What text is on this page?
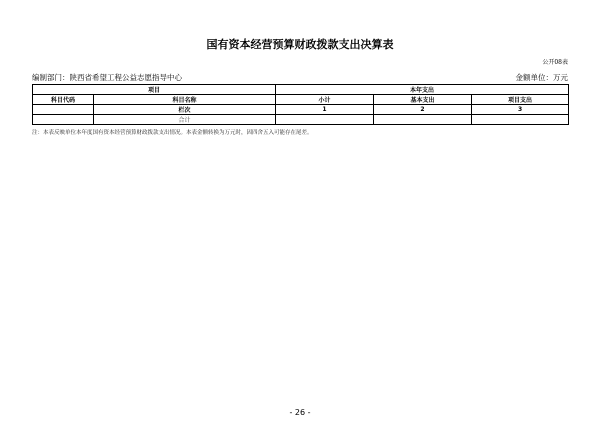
国有资本经营预算财政拨款支出决算表
公开08表
编制部门：陕西省希望工程公益志愿指导中心	金额单位：万元
项目		本年支出		
科目代码	科目名称	小计	基本支出	项目支出
	栏次	1	2	3
	合计			
注：本表反映单位本年度国有资本经营预算财政拨款支出情况。本表金额转换为万元时，因四舍五入可能存在尾差。
- 26 -
